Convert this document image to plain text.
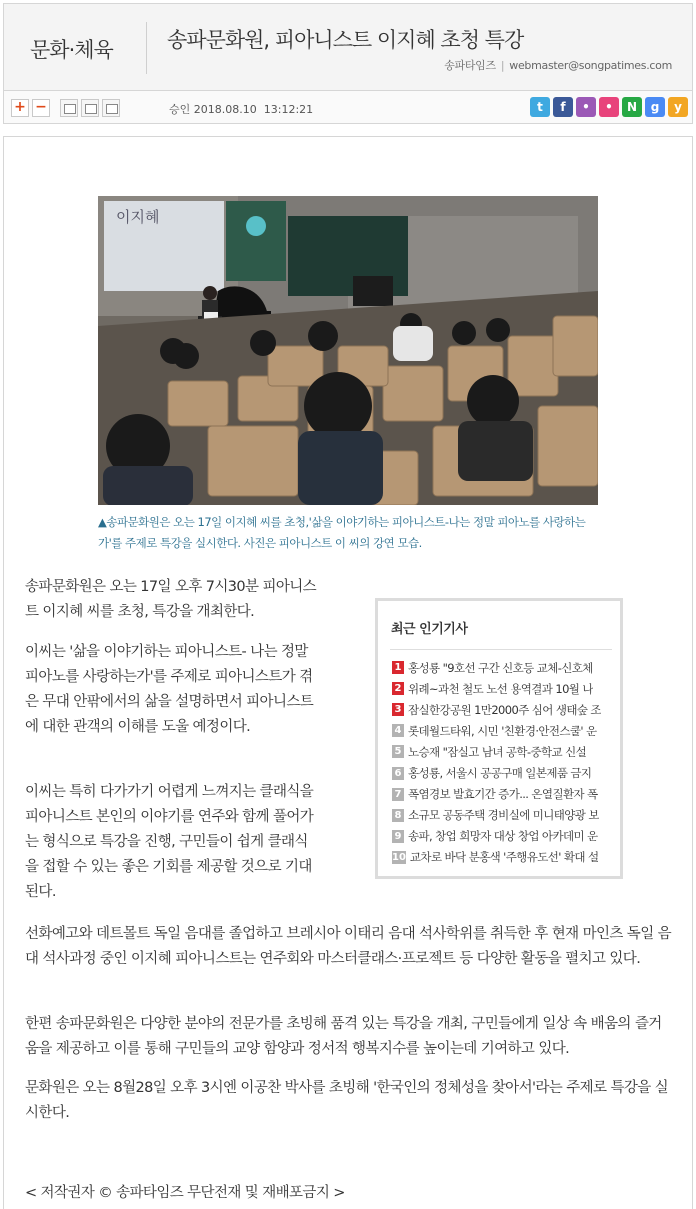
문화·체육	송파문화원, 피아니스트 이지혜 초청 특강
송파타임즈 | webmaster@songpatimes.com
+ −	승인 2018.08.10 13:12:21	t	f	•	•	N	g	y
이지혜
▲송파문화원은 오는 17일 이지혜 씨를 초청,'삶을 이야기하는 피아니스트-나는 정말 피아노를 사랑하는가'를 주제로 특강을 실시한다. 사진은 피아니스트 이 씨의 강연 모습.

송파문화원은 오는 17일 오후 7시30분 피아니스트 이지혜 씨를 초청, 특강을 개최한다.

이씨는 '삶을 이야기하는 피아니스트- 나는 정말 피아노를 사랑하는가'를 주제로 피아니스트가 겪은 무대 안팎에서의 삶을 설명하면서 피아니스트에 대한 관객의 이해를 도울 예정이다.

이씨는 특히 다가가기 어렵게 느껴지는 클래식을 피아니스트 본인의 이야기를 연주와 함께 풀어가는 형식으로 특강을 진행, 구민들이 쉽게 클래식을 접할 수 있는 좋은 기회를 제공할 것으로 기대된다.

선화예고와 데트몰트 독일 음대를 졸업하고 브레시아 이태리 음대 석사학위를 취득한 후 현재 마인츠 독일 음대 석사과정 중인 이지혜 피아니스트는 연주회와 마스터클래스·프로젝트 등 다양한 활동을 펼치고 있다.

한편 송파문화원은 다양한 분야의 전문가를 초빙해 품격 있는 특강을 개최, 구민들에게 일상 속 배움의 즐거움을 제공하고 이를 통해 구민들의 교양 함양과 정서적 행복지수를 높이는데 기여하고 있다.

문화원은 오는 8월28일 오후 3시엔 이공찬 박사를 초빙해 '한국인의 정체성을 찾아서'라는 주제로 특강을 실시한다.

최근 인기기사
1 홍성룡 "9호선 구간 신호등 교체-신호체
2 위례~과천 철도 노선 용역결과 10월 나
3 잠실한강공원 1만2000주 심어 생태숲 조
4 롯데월드타워, 시민 '친환경·안전스쿨' 운
5 노승재 "잠실고 남녀 공학-중학교 신설
6 홍성룡, 서울시 공공구매 일본제품 금지
7 폭염경보 발효기간 증가... 온열질환자 폭
8 소규모 공동주택 경비실에 미니태양광 보
9 송파, 창업 희망자 대상 창업 아카데미 운
10 교차로 바닥 분홍색 '주행유도선' 확대 설
< 저작권자 © 송파타임즈 무단전재 및 재배포금지 >
